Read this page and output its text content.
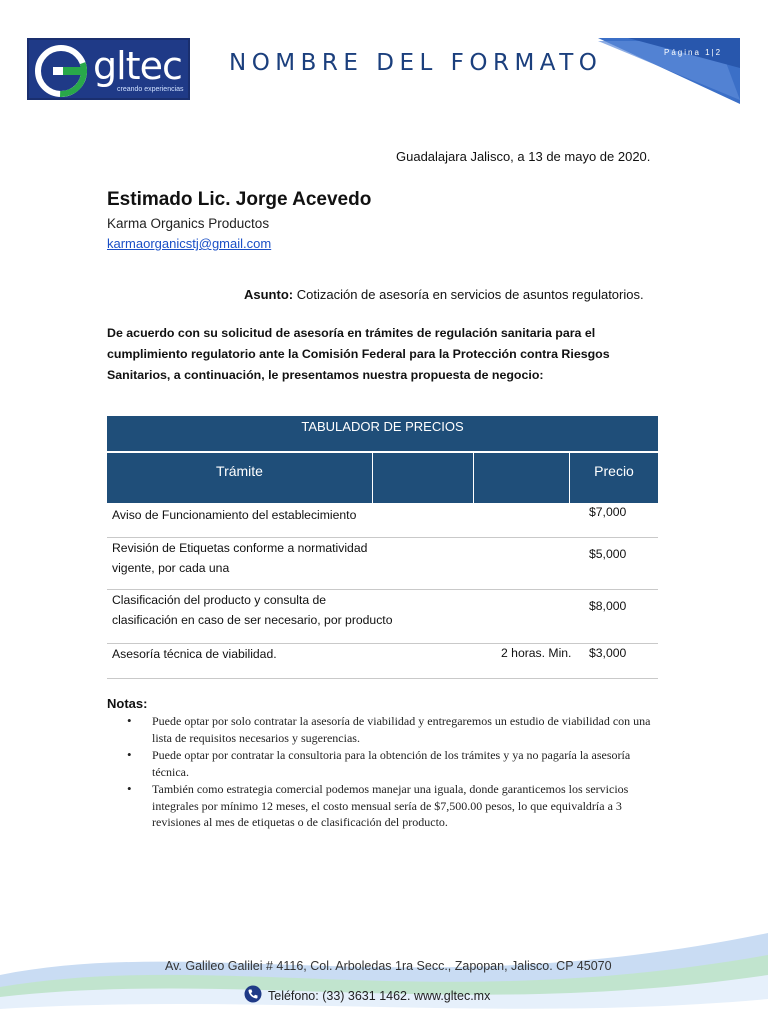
gltec
creando experiencias
NOMBRE DEL FORMATO	Página 1|2
Guadalajara Jalisco, a 13 de mayo de 2020.
Estimado Lic. Jorge Acevedo
Karma Organics Productos
karmaorganicstj@gmail.com
Asunto: Cotización de asesoría en servicios de asuntos regulatorios.
De acuerdo con su solicitud de asesoría en trámites de regulación sanitaria para el cumplimiento regulatorio ante la Comisión Federal para la Protección contra Riesgos Sanitarios, a continuación, le presentamos nuestra propuesta de negocio:
TABULADOR DE PRECIOS
Trámite	Precio
Aviso de Funcionamiento del establecimiento	$7,000
Revisión de Etiquetas conforme a normatividad
vigente, por cada una
$5,000
Clasificación del producto y consulta de
clasificación en caso de ser necesario, por producto
$8,000
Asesoría técnica de viabilidad.	2 horas. Min. $3,000
Notas:
• Puede optar por solo contratar la asesoría de viabilidad y entregaremos un estudio de viabilidad con una lista de requisitos necesarios y sugerencias.
• Puede optar por contratar la consultoria para la obtención de los trámites y ya no pagaría la asesoría técnica.
• También como estrategia comercial podemos manejar una iguala, donde garanticemos los servicios integrales por mínimo 12 meses, el costo mensual sería de $7,500.00 pesos, lo que equivaldría a 3 revisiones al mes de etiquetas o de clasificación del producto.
Av. Galileo Galilei # 4116, Col. Arboledas 1ra Secc., Zapopan, Jalisco. CP 45070
Teléfono: (33) 3631 1462. www.gltec.mx
